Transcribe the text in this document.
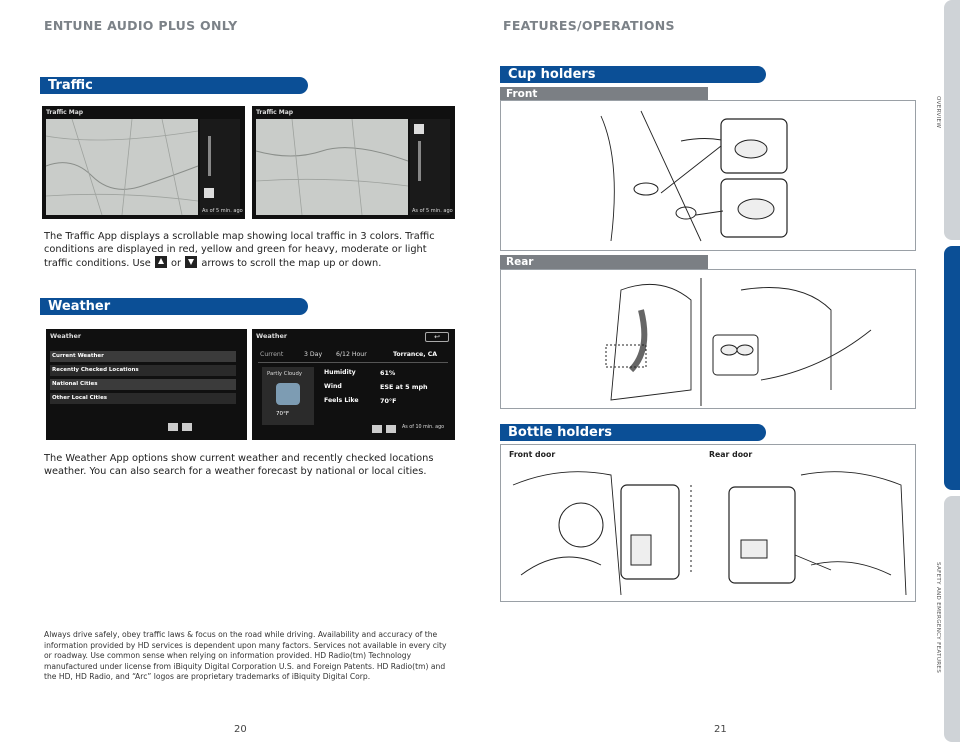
ENTUNE AUDIO PLUS ONLY
Traffic
Traffic Map
As of 5 min. ago
Traffic Map
As of 5 min. ago
The Traffic App displays a scrollable map showing local traffic in 3 colors. Traffic conditions are displayed in red, yellow and green for heavy, moderate or light traffic conditions. Use or arrows to scroll the map up or down.
Weather
Weather
Current Weather
Recently Checked Locations
National Cities
Other Local Cities
Weather	↩
Current	3 Day 6/12 Hour	Torrance, CA
Partly Cloudy
70°F
Humidity	61%
Wind	ESE at 5 mph
Feels Like	70°F
As of 10 min. ago
The Weather App options show current weather and recently checked locations weather. You can also search for a weather forecast by national or local cities.
Always drive safely, obey traffic laws & focus on the road while driving. Availability and accuracy of the information provided by HD services is dependent upon many factors. Services not available in every city or roadway. Use common sense when relying on information provided. HD Radio(tm) Technology manufactured under license from iBiquity Digital Corporation U.S. and Foreign Patents. HD Radio(tm) and the HD, HD Radio, and “Arc” logos are proprietary trademarks of iBiquity Digital Corp.
20
FEATURES/OPERATIONS
Cup holders
Front
Rear
Bottle holders
Front door	Rear door
21
OVERVIEW
FEATURES/OPERATIONS
SAFETY AND EMERGENCY FEATURES
